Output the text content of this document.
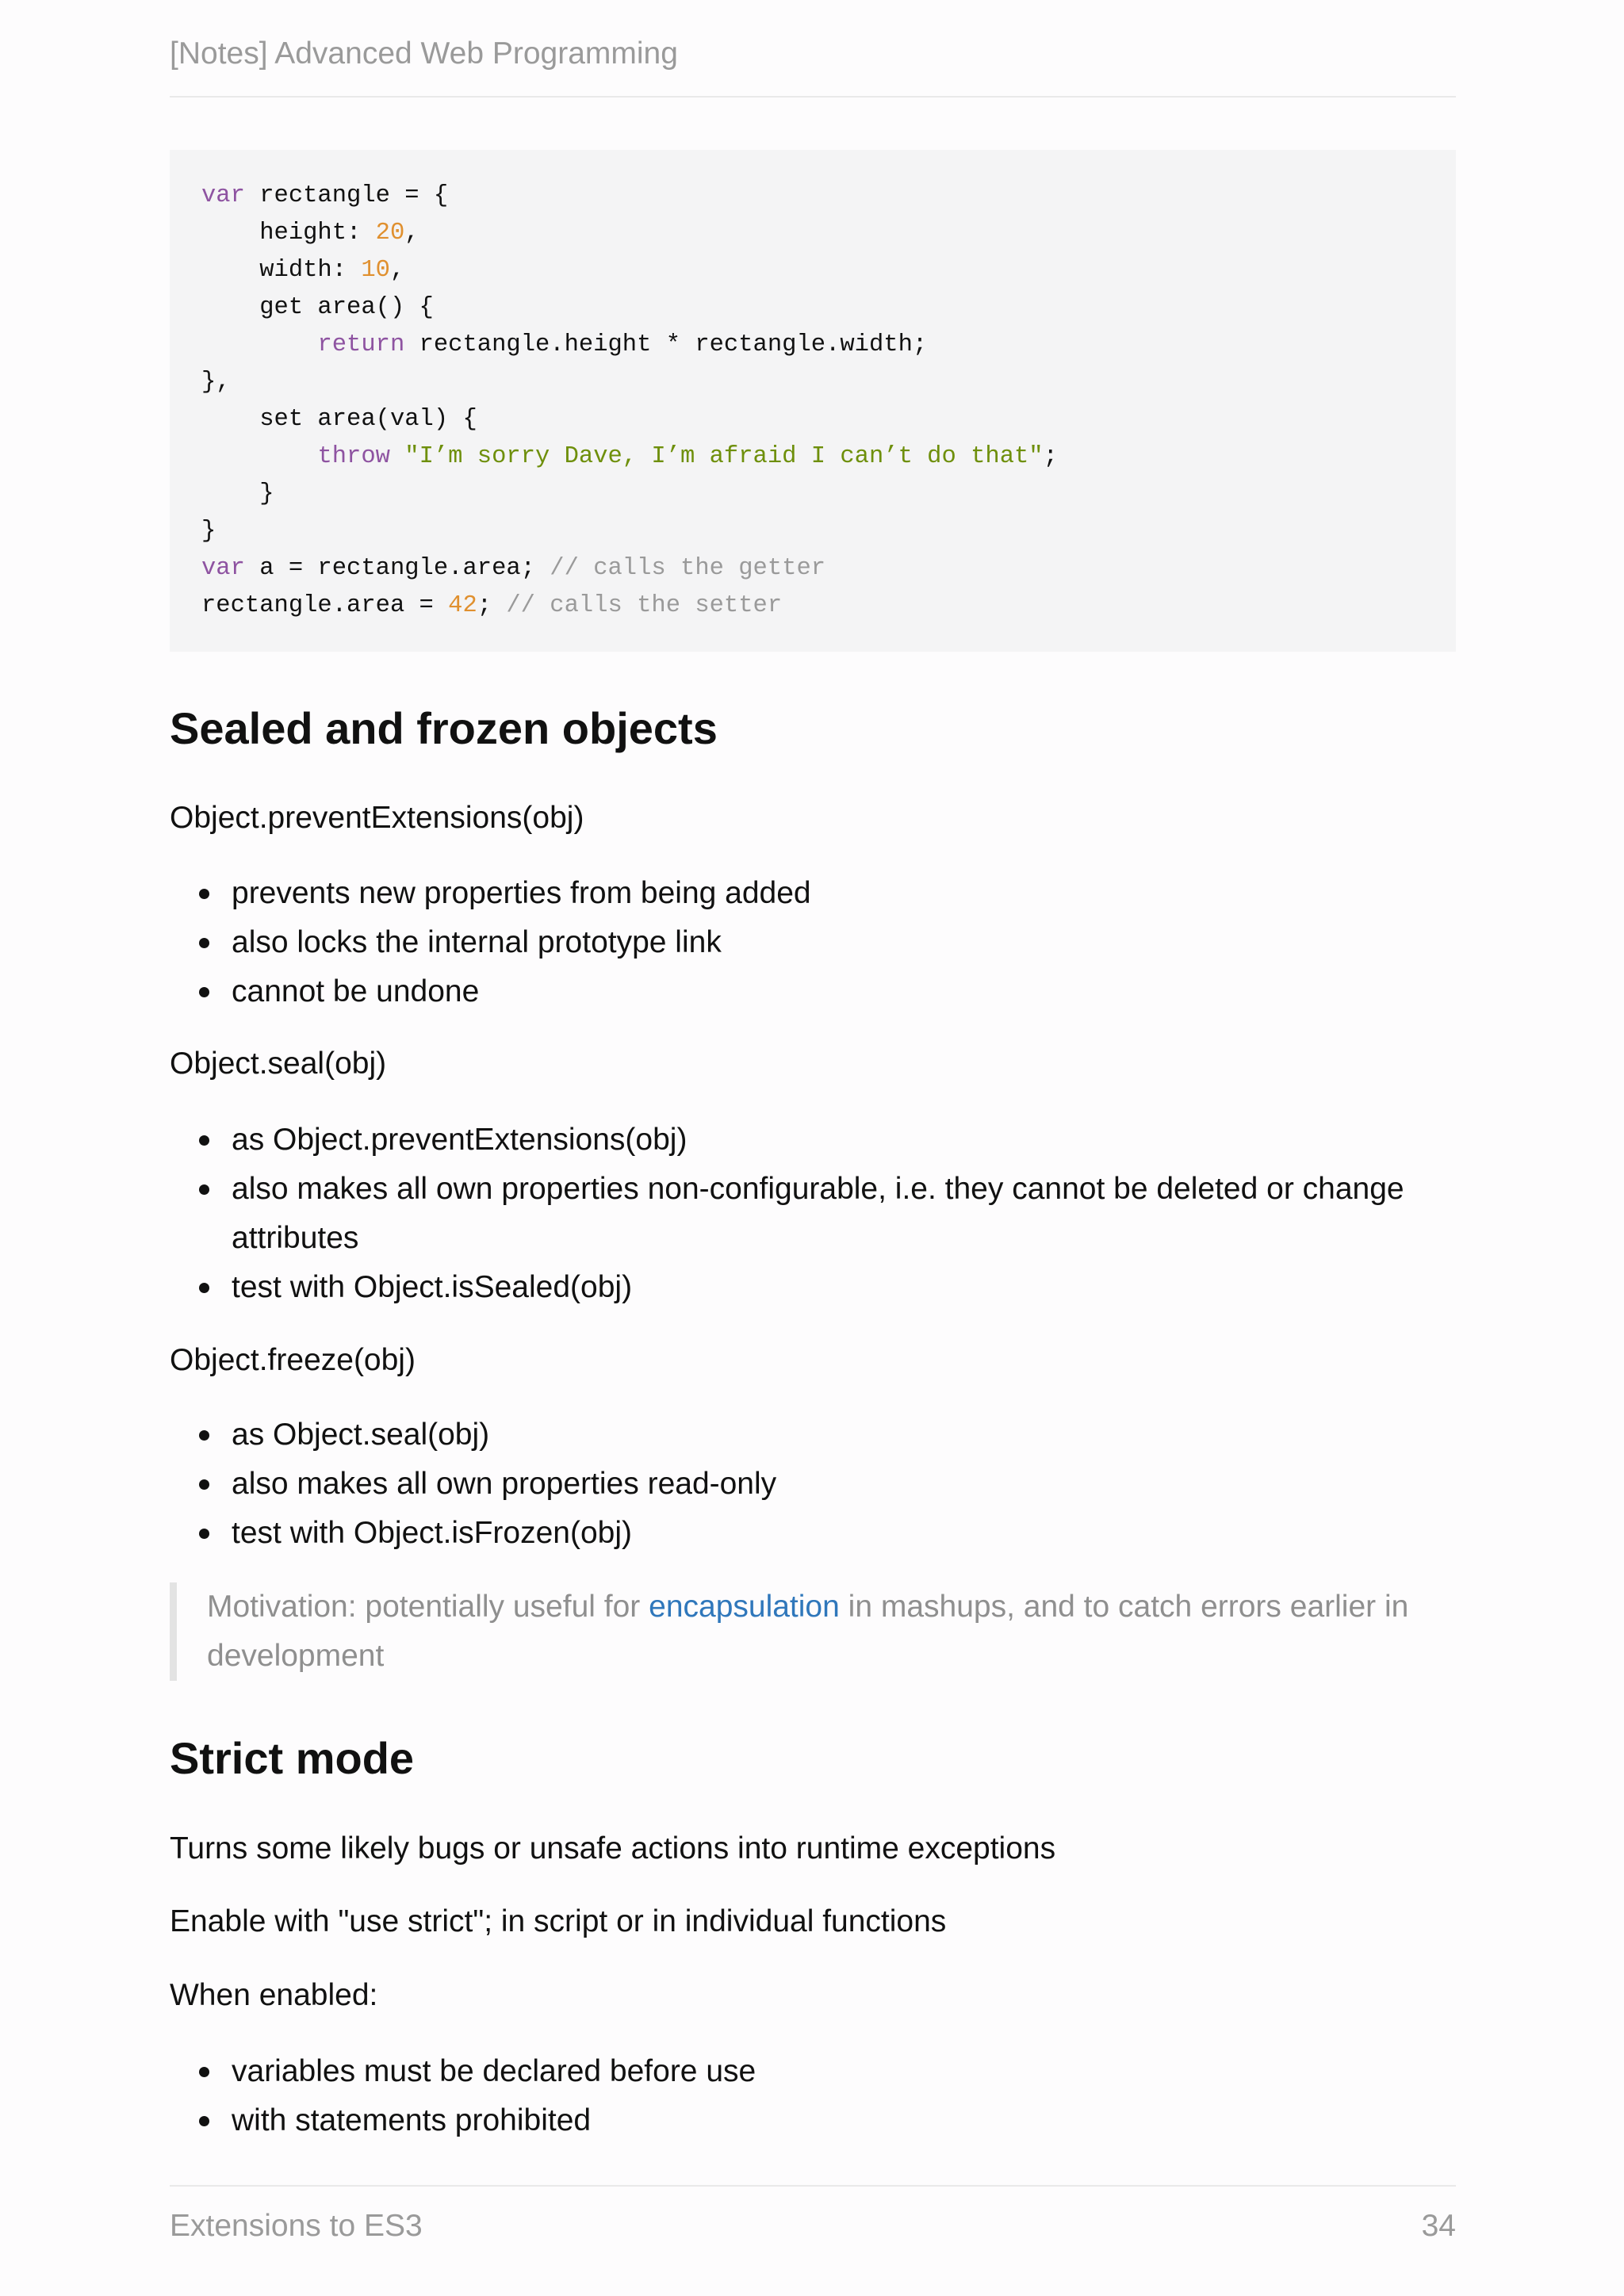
[Notes] Advanced Web Programming
var rectangle = {
height: 20,
width: 10,
get area() {
return rectangle.height * rectangle.width;
},
set area(val) {
throw "I’m sorry Dave, I’m afraid I can’t do that";
}
}
var a = rectangle.area; // calls the getter
rectangle.area = 42; // calls the setter
Sealed and frozen objects

Object.preventExtensions(obj)

prevents new properties from being added
also locks the internal prototype link
cannot be undone

Object.seal(obj)

as Object.preventExtensions(obj)
also makes all own properties non-configurable, i.e. they cannot be deleted or change attributes
test with Object.isSealed(obj)

Object.freeze(obj)

as Object.seal(obj)
also makes all own properties read-only
test with Object.isFrozen(obj)
Motivation: potentially useful for encapsulation in mashups, and to catch errors earlier in development
Strict mode

Turns some likely bugs or unsafe actions into runtime exceptions

Enable with "use strict"; in script or in individual functions

When enabled:

variables must be declared before use
with statements prohibited
Extensions to ES3	34
